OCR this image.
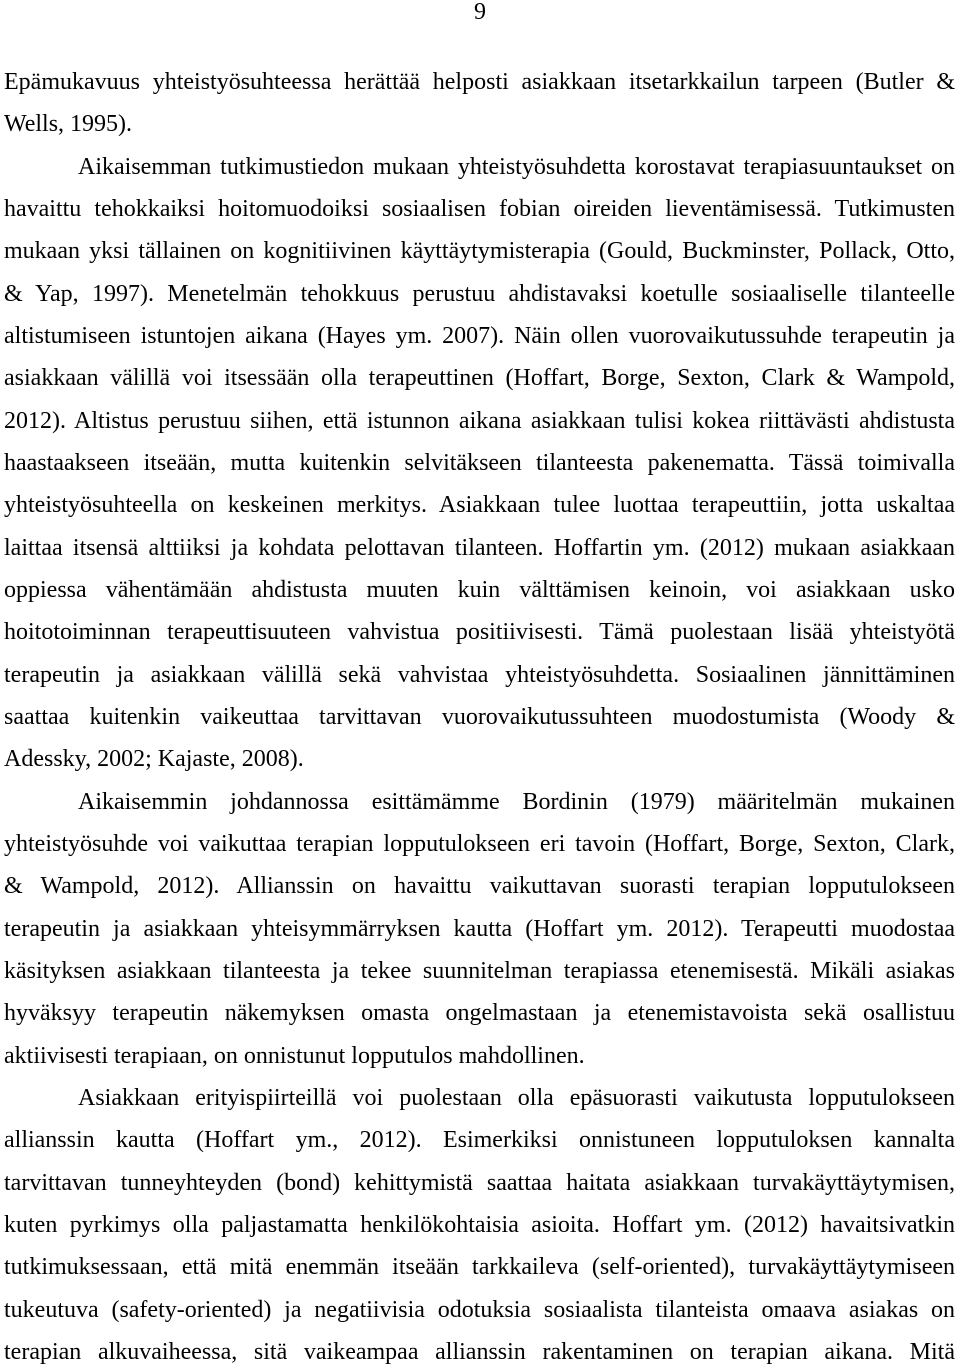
9
Epämukavuus yhteistyösuhteessa herättää helposti asiakkaan itsetarkkailun tarpeen (Butler &
Wells, 1995).
Aikaisemman tutkimustiedon mukaan yhteistyösuhdetta korostavat terapiasuuntaukset on
havaittu tehokkaiksi hoitomuodoiksi sosiaalisen fobian oireiden lieventämisessä. Tutkimusten
mukaan yksi tällainen on kognitiivinen käyttäytymisterapia (Gould, Buckminster, Pollack, Otto,
& Yap, 1997). Menetelmän tehokkuus perustuu ahdistavaksi koetulle sosiaaliselle tilanteelle
altistumiseen istuntojen aikana (Hayes ym. 2007). Näin ollen vuorovaikutussuhde terapeutin ja
asiakkaan välillä voi itsessään olla terapeuttinen (Hoffart, Borge, Sexton, Clark & Wampold,
2012). Altistus perustuu siihen, että istunnon aikana asiakkaan tulisi kokea riittävästi ahdistusta
haastaakseen itseään, mutta kuitenkin selvitäkseen tilanteesta pakenematta. Tässä toimivalla
yhteistyösuhteella on keskeinen merkitys. Asiakkaan tulee luottaa terapeuttiin, jotta uskaltaa
laittaa itsensä alttiiksi ja kohdata pelottavan tilanteen. Hoffartin ym. (2012) mukaan asiakkaan
oppiessa vähentämään ahdistusta muuten kuin välttämisen keinoin, voi asiakkaan usko
hoitotoiminnan terapeuttisuuteen vahvistua positiivisesti. Tämä puolestaan lisää yhteistyötä
terapeutin ja asiakkaan välillä sekä vahvistaa yhteistyösuhdetta. Sosiaalinen jännittäminen
saattaa kuitenkin vaikeuttaa tarvittavan vuorovaikutussuhteen muodostumista (Woody &
Adessky, 2002; Kajaste, 2008).
Aikaisemmin johdannossa esittämämme Bordinin (1979) määritelmän mukainen
yhteistyösuhde voi vaikuttaa terapian lopputulokseen eri tavoin (Hoffart, Borge, Sexton, Clark,
& Wampold, 2012). Allianssin on havaittu vaikuttavan suorasti terapian lopputulokseen
terapeutin ja asiakkaan yhteisymmärryksen kautta (Hoffart ym. 2012). Terapeutti muodostaa
käsityksen asiakkaan tilanteesta ja tekee suunnitelman terapiassa etenemisestä. Mikäli asiakas
hyväksyy terapeutin näkemyksen omasta ongelmastaan ja etenemistavoista sekä osallistuu
aktiivisesti terapiaan, on onnistunut lopputulos mahdollinen.
Asiakkaan erityispiirteillä voi puolestaan olla epäsuorasti vaikutusta lopputulokseen
allianssin kautta (Hoffart ym., 2012). Esimerkiksi onnistuneen lopputuloksen kannalta
tarvittavan tunneyhteyden (bond) kehittymistä saattaa haitata asiakkaan turvakäyttäytymisen,
kuten pyrkimys olla paljastamatta henkilökohtaisia asioita. Hoffart ym. (2012) havaitsivatkin
tutkimuksessaan, että mitä enemmän itseään tarkkaileva (self-oriented), turvakäyttäytymiseen
tukeutuva (safety-oriented) ja negatiivisia odotuksia sosiaalista tilanteista omaava asiakas on
terapian alkuvaiheessa, sitä vaikeampaa allianssin rakentaminen on terapian aikana. Mitä
